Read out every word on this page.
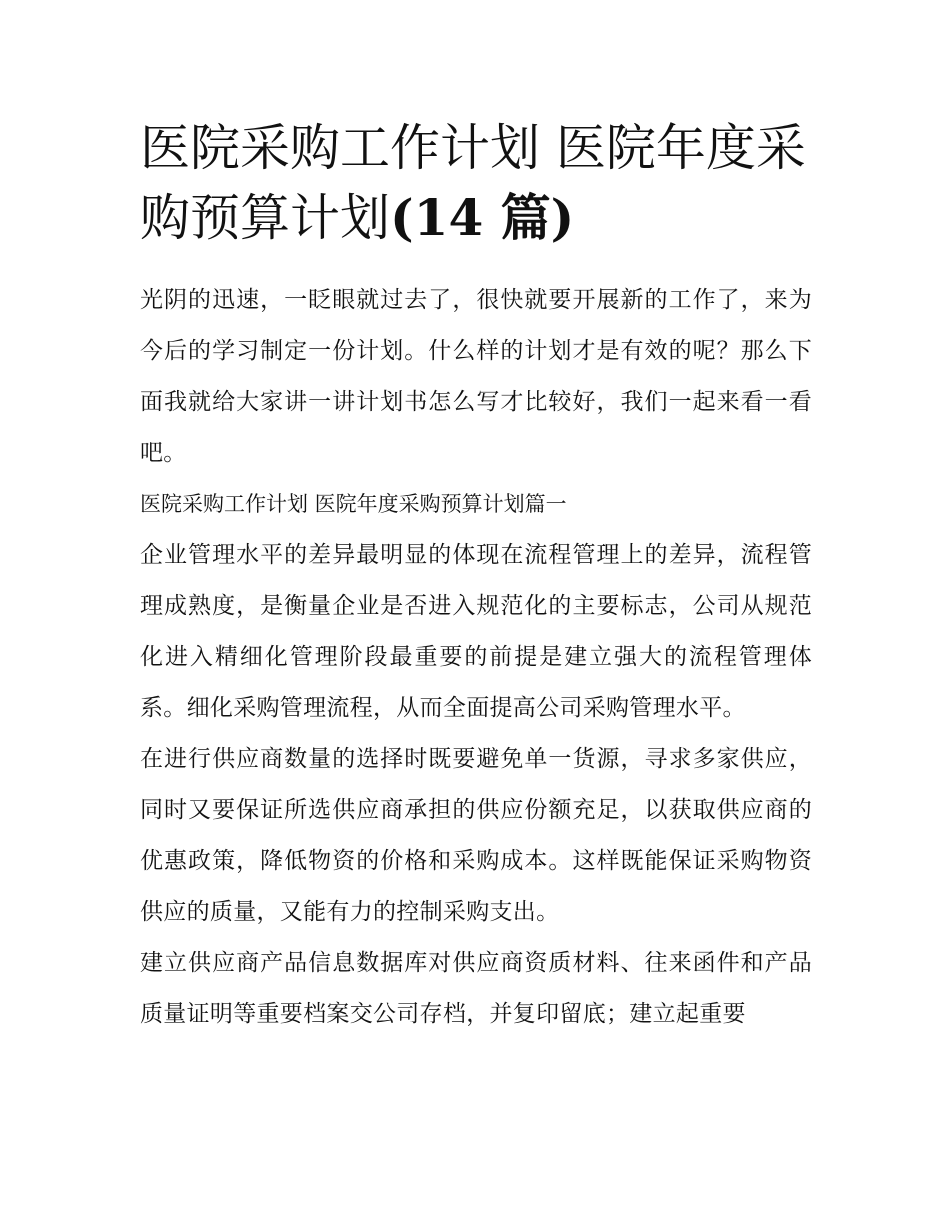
医院采购工作计划 医院年度采购预算计划(14 篇)

光阴的迅速，一眨眼就过去了，很快就要开展新的工作了，来为今后的学习制定一份计划。什么样的计划才是有效的呢？那么下面我就给大家讲一讲计划书怎么写才比较好，我们一起来看一看吧。

医院采购工作计划 医院年度采购预算计划篇一

企业管理水平的差异最明显的体现在流程管理上的差异，流程管理成熟度，是衡量企业是否进入规范化的主要标志，公司从规范化进入精细化管理阶段最重要的前提是建立强大的流程管理体系。细化采购管理流程，从而全面提高公司采购管理水平。

在进行供应商数量的选择时既要避免单一货源，寻求多家供应，同时又要保证所选供应商承担的供应份额充足，以获取供应商的优惠政策，降低物资的价格和采购成本。这样既能保证采购物资供应的质量，又能有力的控制采购支出。

建立供应商产品信息数据库对供应商资质材料、往来函件和产品质量证明等重要档案交公司存档，并复印留底；建立起重要
